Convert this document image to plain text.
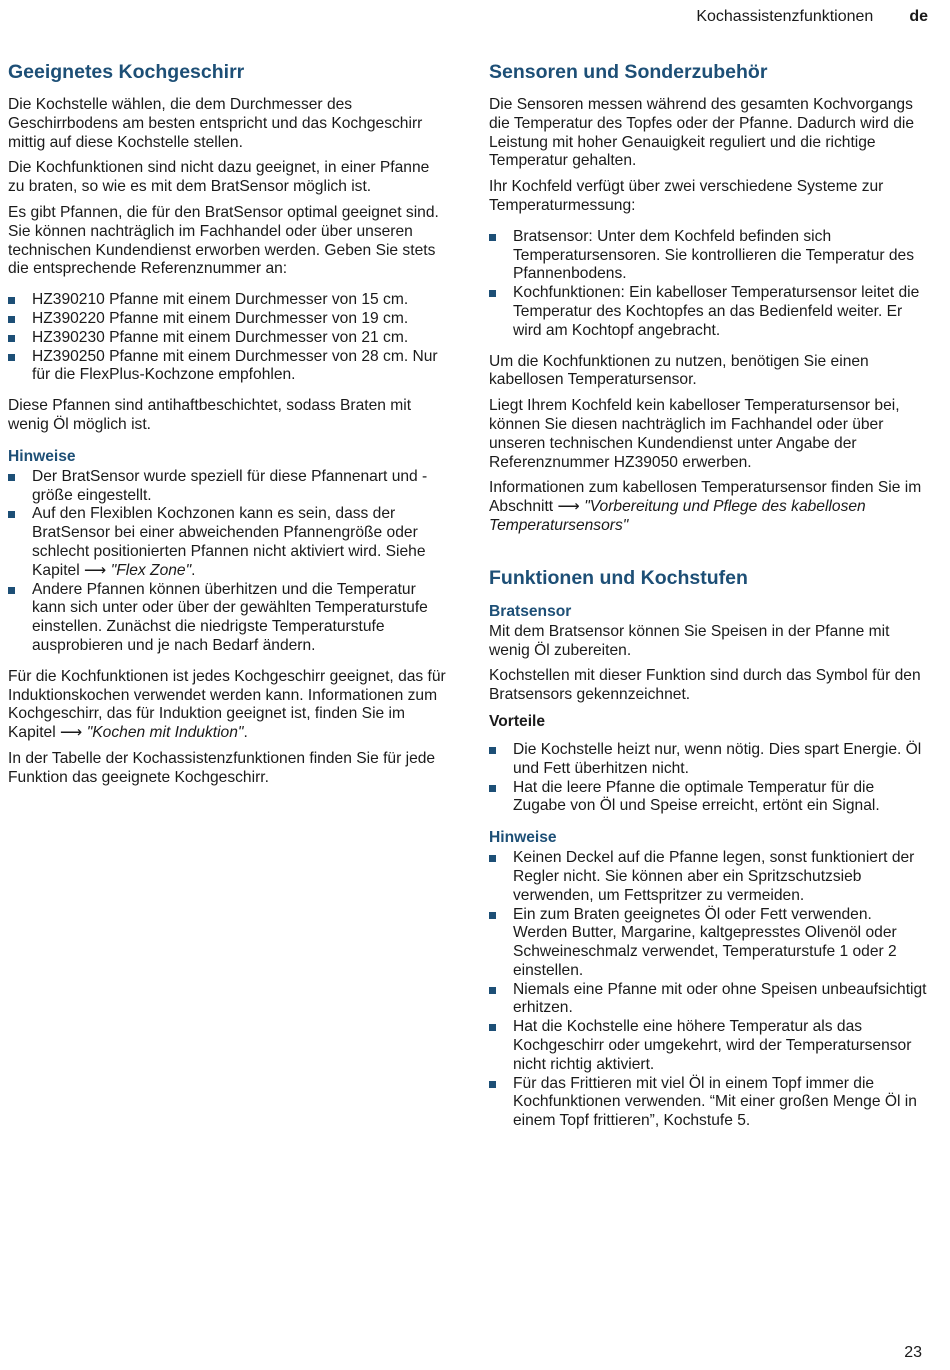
Kochassistenzfunktionen de
Geeignetes Kochgeschirr

Die Kochstelle wählen, die dem Durchmesser des Geschirrbodens am besten entspricht und das Kochgeschirr mittig auf diese Kochstelle stellen.

Die Kochfunktionen sind nicht dazu geeignet, in einer Pfanne zu braten, so wie es mit dem BratSensor möglich ist.

Es gibt Pfannen, die für den BratSensor optimal geeignet sind. Sie können nachträglich im Fachhandel oder über unseren technischen Kundendienst erworben werden. Geben Sie stets die entsprechende Referenznummer an:

HZ390210 Pfanne mit einem Durchmesser von 15 cm.
HZ390220 Pfanne mit einem Durchmesser von 19 cm.
HZ390230 Pfanne mit einem Durchmesser von 21 cm.
HZ390250 Pfanne mit einem Durchmesser von 28 cm. Nur für die FlexPlus-Kochzone empfohlen.

Diese Pfannen sind antihaftbeschichtet, sodass Braten mit wenig Öl möglich ist.

Hinweise
Der BratSensor wurde speziell für diese Pfannenart und -größe eingestellt.
Auf den Flexiblen Kochzonen kann es sein, dass der BratSensor bei einer abweichenden Pfannengröße oder schlecht positionierten Pfannen nicht aktiviert wird. Siehe Kapitel ⟶ "Flex Zone".
Andere Pfannen können überhitzen und die Temperatur kann sich unter oder über der gewählten Temperaturstufe einstellen. Zunächst die niedrigste Temperaturstufe ausprobieren und je nach Bedarf ändern.

Für die Kochfunktionen ist jedes Kochgeschirr geeignet, das für Induktionskochen verwendet werden kann. Informationen zum Kochgeschirr, das für Induktion geeignet ist, finden Sie im Kapitel ⟶ "Kochen mit Induktion".

In der Tabelle der Kochassistenzfunktionen finden Sie für jede Funktion das geeignete Kochgeschirr.

Sensoren und Sonderzubehör

Die Sensoren messen während des gesamten Kochvorgangs die Temperatur des Topfes oder der Pfanne. Dadurch wird die Leistung mit hoher Genauigkeit reguliert und die richtige Temperatur gehalten.

Ihr Kochfeld verfügt über zwei verschiedene Systeme zur Temperaturmessung:

Bratsensor: Unter dem Kochfeld befinden sich Temperatursensoren. Sie kontrollieren die Temperatur des Pfannenbodens.
Kochfunktionen: Ein kabelloser Temperatursensor leitet die Temperatur des Kochtopfes an das Bedienfeld weiter. Er wird am Kochtopf angebracht.

Um die Kochfunktionen zu nutzen, benötigen Sie einen kabellosen Temperatursensor.

Liegt Ihrem Kochfeld kein kabelloser Temperatursensor bei, können Sie diesen nachträglich im Fachhandel oder über unseren technischen Kundendienst unter Angabe der Referenznummer HZ39050 erwerben.

Informationen zum kabellosen Temperatursensor finden Sie im Abschnitt ⟶ "Vorbereitung und Pflege des kabellosen Temperatursensors"

Funktionen und Kochstufen
Bratsensor

Mit dem Bratsensor können Sie Speisen in der Pfanne mit wenig Öl zubereiten.

Kochstellen mit dieser Funktion sind durch das Symbol für den Bratsensors gekennzeichnet.

Vorteile
Die Kochstelle heizt nur, wenn nötig. Dies spart Energie. Öl und Fett überhitzen nicht.
Hat die leere Pfanne die optimale Temperatur für die Zugabe von Öl und Speise erreicht, ertönt ein Signal.
Hinweise
Keinen Deckel auf die Pfanne legen, sonst funktioniert der Regler nicht. Sie können aber ein Spritzschutzsieb verwenden, um Fettspritzer zu vermeiden.
Ein zum Braten geeignetes Öl oder Fett verwenden. Werden Butter, Margarine, kaltgepresstes Olivenöl oder Schweineschmalz verwendet, Temperaturstufe 1 oder 2 einstellen.
Niemals eine Pfanne mit oder ohne Speisen unbeaufsichtigt erhitzen.
Hat die Kochstelle eine höhere Temperatur als das Kochgeschirr oder umgekehrt, wird der Temperatursensor nicht richtig aktiviert.
Für das Frittieren mit viel Öl in einem Topf immer die Kochfunktionen verwenden. “Mit einer großen Menge Öl in einem Topf frittieren”, Kochstufe 5.
23
